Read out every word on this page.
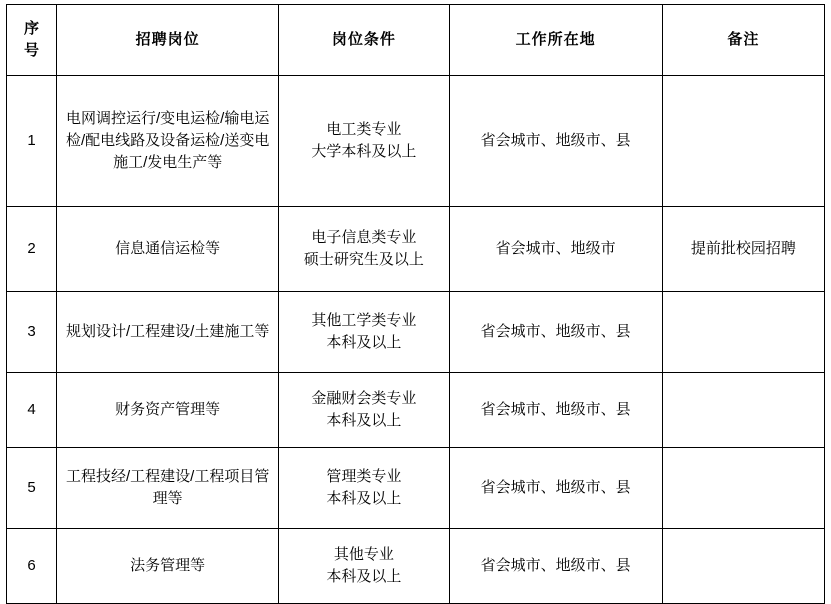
序
号	招聘岗位	岗位条件	工作所在地	备注
1	电网调控运行/变电运检/输电运检/配电线路及设备运检/送变电施工/发电生产等	电工类专业
大学本科及以上	省会城市、地级市、县	
2	信息通信运检等	电子信息类专业
硕士研究生及以上	省会城市、地级市	提前批校园招聘
3	规划设计/工程建设/土建施工等	其他工学类专业
本科及以上	省会城市、地级市、县	
4	财务资产管理等	金融财会类专业
本科及以上	省会城市、地级市、县	
5	工程技经/工程建设/工程项目管理等	管理类专业
本科及以上	省会城市、地级市、县	
6	法务管理等	其他专业
本科及以上	省会城市、地级市、县	
